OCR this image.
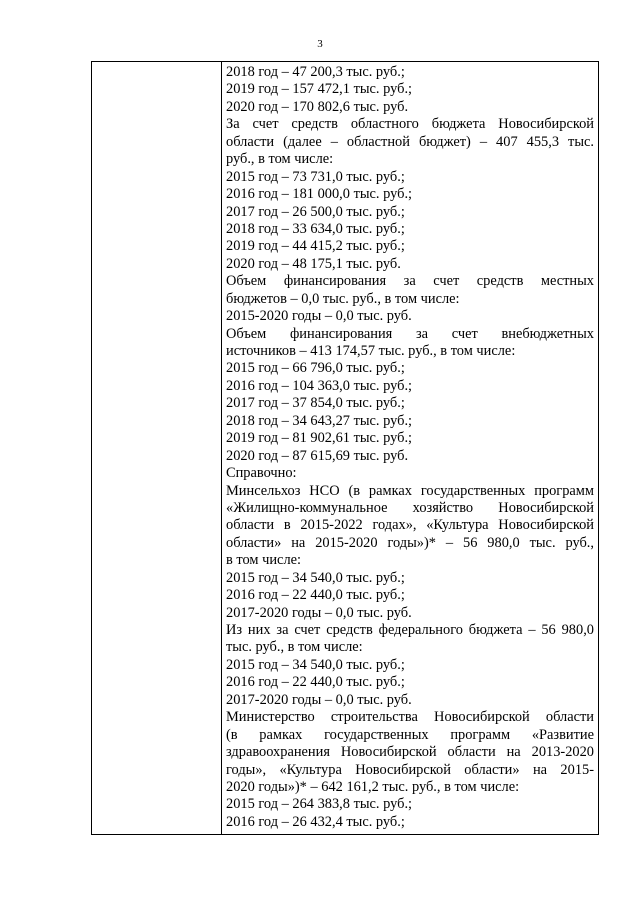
3
2018 год – 47 200,3 тыс. руб.;
2019 год – 157 472,1 тыс. руб.;
2020 год – 170 802,6 тыс. руб.
За счет средств областного бюджета Новосибирской
области (далее – областной бюджет) – 407 455,3 тыс.
руб., в том числе:
2015 год – 73 731,0 тыс. руб.;
2016 год – 181 000,0 тыс. руб.;
2017 год – 26 500,0 тыс. руб.;
2018 год – 33 634,0 тыс. руб.;
2019 год – 44 415,2 тыс. руб.;
2020 год – 48 175,1 тыс. руб.
Объем финансирования за счет средств местных
бюджетов – 0,0 тыс. руб., в том числе:
2015-2020 годы – 0,0 тыс. руб.
Объем финансирования за счет внебюджетных
источников – 413 174,57 тыс. руб., в том числе:
2015 год – 66 796,0 тыс. руб.;
2016 год – 104 363,0 тыс. руб.;
2017 год – 37 854,0 тыс. руб.;
2018 год – 34 643,27 тыс. руб.;
2019 год – 81 902,61 тыс. руб.;
2020 год – 87 615,69 тыс. руб.
Справочно:
Минсельхоз НСО (в рамках государственных программ
«Жилищно-коммунальное хозяйство Новосибирской
области в 2015-2022 годах», «Культура Новосибирской
области» на 2015-2020 годы»)* – 56 980,0 тыс. руб.,
в том числе:
2015 год – 34 540,0 тыс. руб.;
2016 год – 22 440,0 тыс. руб.;
2017-2020 годы – 0,0 тыс. руб.
Из них за счет средств федерального бюджета – 56 980,0
тыс. руб., в том числе:
2015 год – 34 540,0 тыс. руб.;
2016 год – 22 440,0 тыс. руб.;
2017-2020 годы – 0,0 тыс. руб.
Министерство строительства Новосибирской области
(в рамках государственных программ «Развитие
здравоохранения Новосибирской области на 2013-2020
годы», «Культура Новосибирской области» на 2015-
2020 годы»)* – 642 161,2 тыс. руб., в том числе:
2015 год – 264 383,8 тыс. руб.;
2016 год – 26 432,4 тыс. руб.;
